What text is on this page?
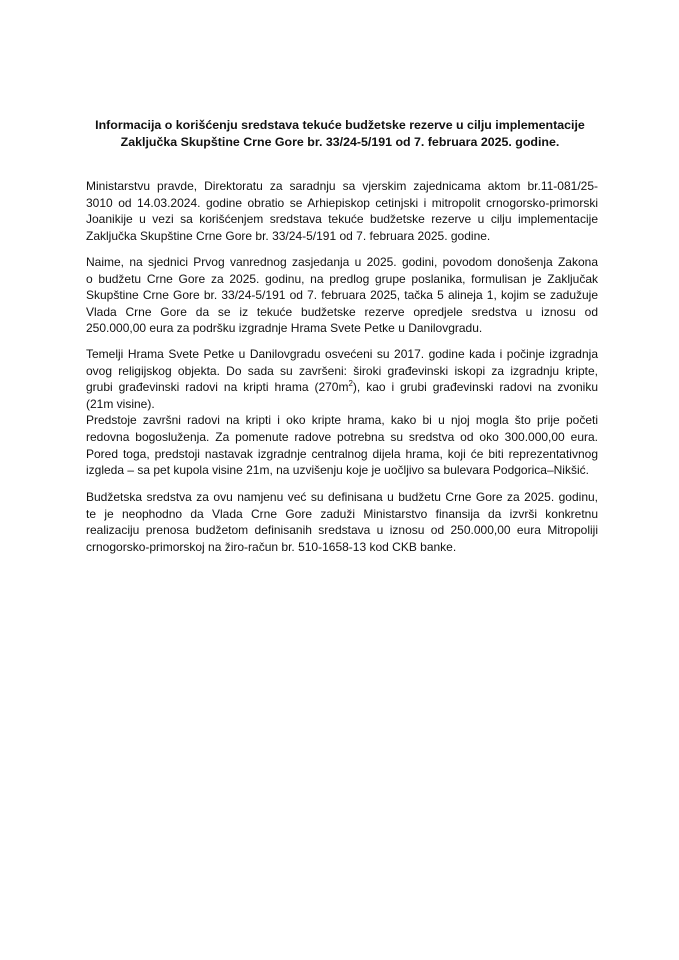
Informacija o korišćenju sredstava tekuće budžetske rezerve u cilju implementacije
Zaključka Skupštine Crne Gore br. 33/24-5/191 od 7. februara 2025. godine.
Ministarstvu pravde, Direktoratu za saradnju sa vjerskim zajednicama aktom br.11-081/25-
3010 od 14.03.2024. godine obratio se Arhiepiskop cetinjski i mitropolit crnogorsko-primorski
Joanikije u vezi sa korišćenjem sredstava tekuće budžetske rezerve u cilju implementacije
Zaključka Skupštine Crne Gore br. 33/24-5/191 od 7. februara 2025. godine.
Naime, na sjednici Prvog vanrednog zasjedanja u 2025. godini, povodom donošenja Zakona
o budžetu Crne Gore za 2025. godinu, na predlog grupe poslanika, formulisan je Zaključak
Skupštine Crne Gore br. 33/24-5/191 od 7. februara 2025, tačka 5 alineja 1, kojim se zadužuje
Vlada Crne Gore da se iz tekuće budžetske rezerve opredjele sredstva u iznosu od
250.000,00 eura za podršku izgradnje Hrama Svete Petke u Danilovgradu.
Temelji Hrama Svete Petke u Danilovgradu osvećeni su 2017. godine kada i počinje izgradnja
ovog religijskog objekta. Do sada su završeni: široki građevinski iskopi za izgradnju kripte,
grubi građevinski radovi na kripti hrama $(270m^2)$, kao i grubi građevinski radovi na zvoniku
(21m visine).
Predstoje završni radovi na kripti i oko kripte hrama, kako bi u njoj mogla što prije početi
redovna bogosluženja. Za pomenute radove potrebna su sredstva od oko 300.000,00 eura.
Pored toga, predstoji nastavak izgradnje centralnog dijela hrama, koji će biti reprezentativnog
izgleda – sa pet kupola visine 21m, na uzvišenju koje je uočljivo sa bulevara Podgorica–Nikšić.
Budžetska sredstva za ovu namjenu već su definisana u budžetu Crne Gore za 2025. godinu,
te je neophodno da Vlada Crne Gore zaduži Ministarstvo finansija da izvrši konkretnu
realizaciju prenosa budžetom definisanih sredstava u iznosu od 250.000,00 eura Mitropoliji
crnogorsko-primorskoj na žiro-račun br. 510-1658-13 kod CKB banke.
